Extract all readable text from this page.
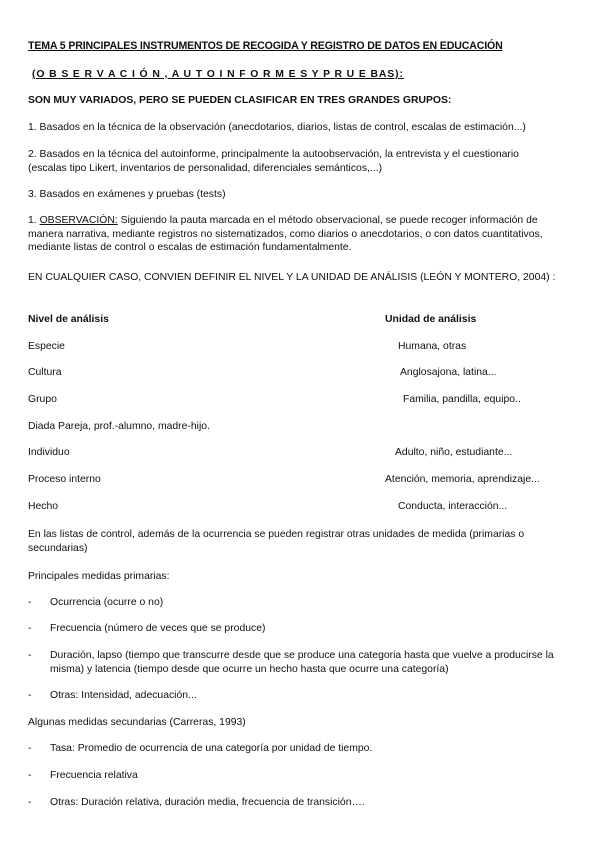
TEMA 5 PRINCIPALES INSTRUMENTOS DE RECOGIDA Y REGISTRO DE DATOS EN EDUCACIÓN
(O B S E R V A C I Ó N , A U T O I N F O R M E S Y P R U E BAS):
SON MUY VARIADOS, PERO SE PUEDEN CLASIFICAR EN TRES GRANDES GRUPOS:
1. Basados en la técnica de la observación (anecdotarios, diarios, listas de control, escalas de estimación...)
2. Basados en la técnica del autoinforme, principalmente la autoobservación, la entrevista y el cuestionario (escalas tipo Likert, inventarios de personalidad, diferenciales semánticos,...)
3. Basados en exámenes y pruebas (tests)
1. OBSERVACIÓN: Siguiendo la pauta marcada en el método observacional, se puede recoger información de manera narrativa, mediante registros no sistematizados, como diarios o anecdotarios, o con datos cuantitativos, mediante listas de control o escalas de estimación fundamentalmente.
EN CUALQUIER CASO, CONVIEN DEFINIR EL NIVEL Y LA UNIDAD DE ANÁLISIS (LEÓN Y MONTERO, 2004) :
Nivel de análisis	Unidad de análisis
Especie	Humana, otras
Cultura	Anglosajona, latina...
Grupo	Familia, pandilla, equipo..
Diada Pareja, prof.-alumno, madre-hijo.
Individuo	Adulto, niño, estudiante...
Proceso interno	Atención, memoria, aprendizaje...
Hecho	Conducta, interacción...
En las listas de control, además de la ocurrencia se pueden registrar otras unidades de medida (primarias o secundarias)
Principales medidas primarias:
- Ocurrencia (ocurre o no)
- Frecuencia (número de veces que se produce)
- Duración, lapso (tiempo que transcurre desde que se produce una categoria hasta que vuelve a producirse la misma) y latencia (tiempo desde que ocurre un hecho hasta que ocurre una categoría)
- Otras: Intensidad, adecuación...
Algunas medidas secundarias (Carreras, 1993)
- Tasa: Promedio de ocurrencia de una categoría por unidad de tiempo.
- Frecuencia relativa
- Otras: Duración relativa, duración media, frecuencia de transición….
